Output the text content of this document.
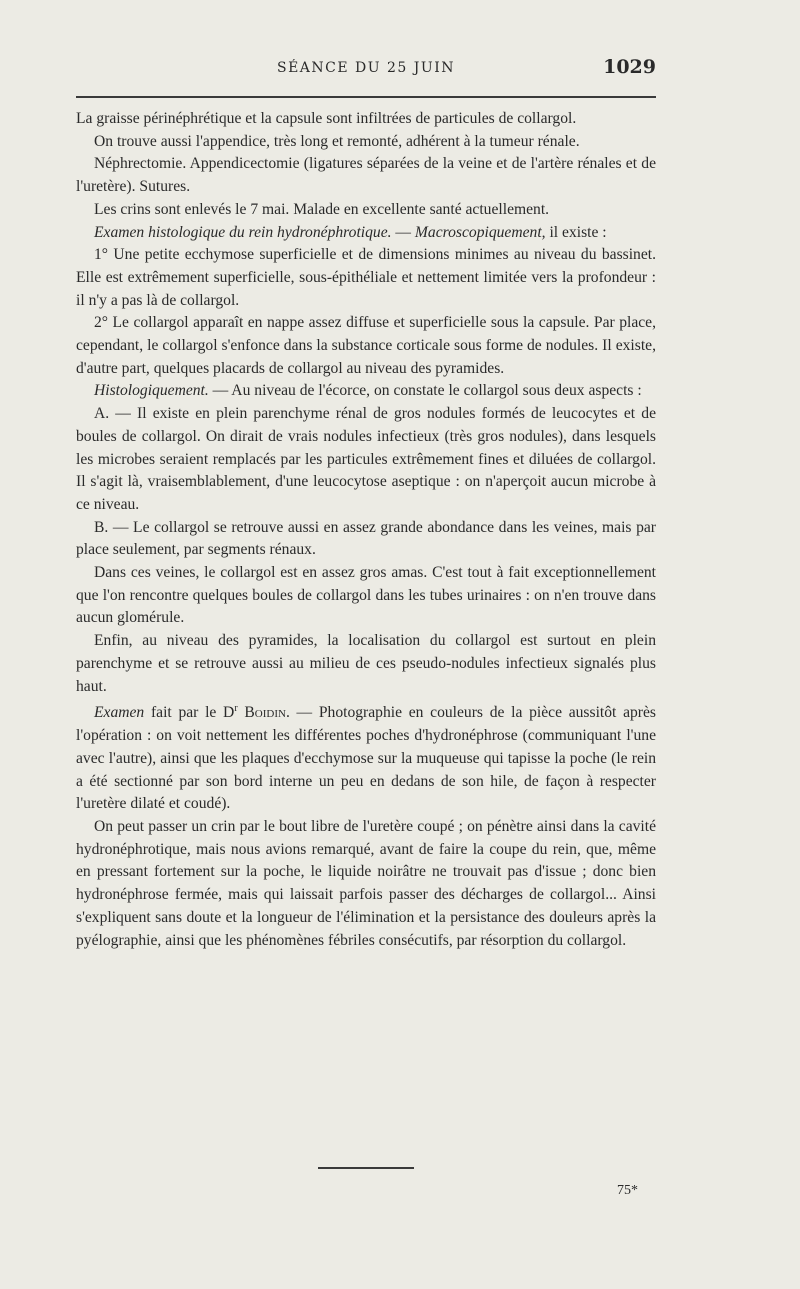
SÉANCE DU 25 JUIN	1029

La graisse périnéphrétique et la capsule sont infiltrées de particules de collargol.

On trouve aussi l'appendice, très long et remonté, adhérent à la tumeur rénale.

Néphrectomie. Appendicectomie (ligatures séparées de la veine et de l'artère rénales et de l'uretère). Sutures.

Les crins sont enlevés le 7 mai. Malade en excellente santé actuellement.

Examen histologique du rein hydronéphrotique. — Macroscopiquement, il existe :

1° Une petite ecchymose superficielle et de dimensions minimes au niveau du bassinet. Elle est extrêmement superficielle, sous-épithéliale et nettement limitée vers la profondeur : il n'y a pas là de collargol.

2° Le collargol apparaît en nappe assez diffuse et superficielle sous la capsule. Par place, cependant, le collargol s'enfonce dans la substance corticale sous forme de nodules. Il existe, d'autre part, quelques placards de collargol au niveau des pyramides.

Histologiquement. — Au niveau de l'écorce, on constate le collargol sous deux aspects :

A. — Il existe en plein parenchyme rénal de gros nodules formés de leucocytes et de boules de collargol. On dirait de vrais nodules infectieux (très gros nodules), dans lesquels les microbes seraient remplacés par les particules extrêmement fines et diluées de collargol. Il s'agit là, vraisemblablement, d'une leucocytose aseptique : on n'aperçoit aucun microbe à ce niveau.

B. — Le collargol se retrouve aussi en assez grande abondance dans les veines, mais par place seulement, par segments rénaux.

Dans ces veines, le collargol est en assez gros amas. C'est tout à fait exceptionnellement que l'on rencontre quelques boules de collargol dans les tubes urinaires : on n'en trouve dans aucun glomérule.

Enfin, au niveau des pyramides, la localisation du collargol est surtout en plein parenchyme et se retrouve aussi au milieu de ces pseudo-nodules infectieux signalés plus haut.

Examen fait par le $D^r$ Boidin. — Photographie en couleurs de la pièce aussitôt après l'opération : on voit nettement les différentes poches d'hydronéphrose (communiquant l'une avec l'autre), ainsi que les plaques d'ecchymose sur la muqueuse qui tapisse la poche (le rein a été sectionné par son bord interne un peu en dedans de son hile, de façon à respecter l'uretère dilaté et coudé).

On peut passer un crin par le bout libre de l'uretère coupé ; on pénètre ainsi dans la cavité hydronéphrotique, mais nous avions remarqué, avant de faire la coupe du rein, que, même en pressant fortement sur la poche, le liquide noirâtre ne trouvait pas d'issue ; donc bien hydronéphrose fermée, mais qui laissait parfois passer des décharges de collargol... Ainsi s'expliquent sans doute et la longueur de l'élimination et la persistance des douleurs après la pyélographie, ainsi que les phénomènes fébriles consécutifs, par résorption du collargol.

75*
